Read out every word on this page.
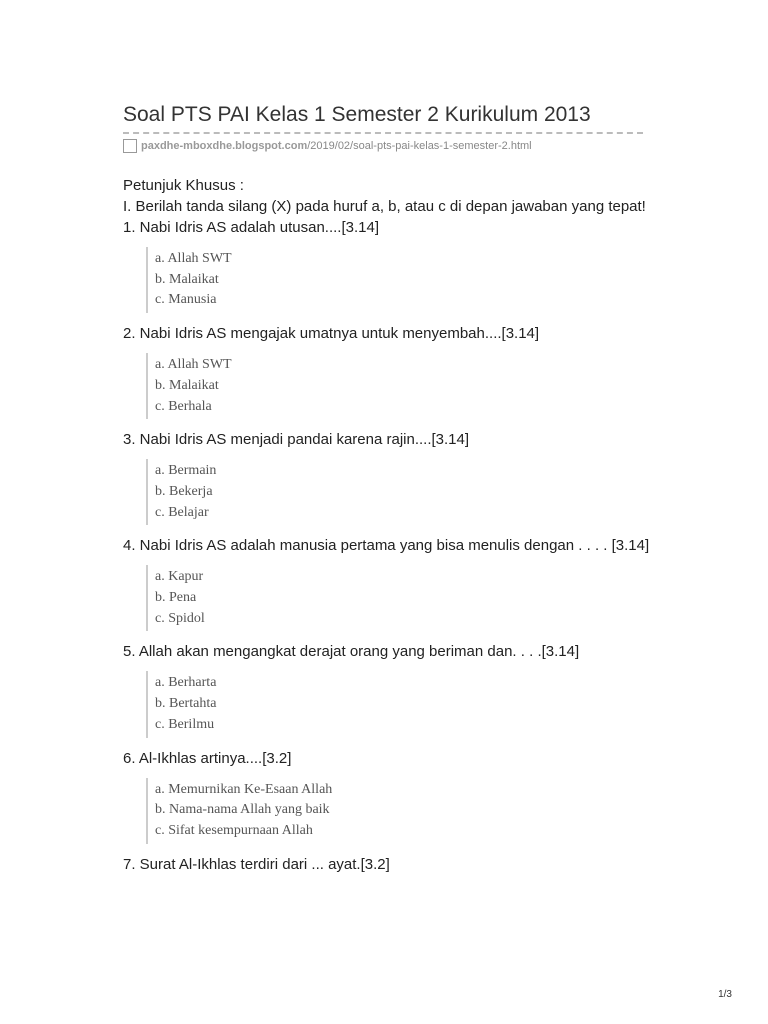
Soal PTS PAI Kelas 1 Semester 2 Kurikulum 2013
paxdhe-mboxdhe.blogspot.com /2019/02/soal-pts-pai-kelas-1-semester-2.html
Petunjuk Khusus :
I. Berilah tanda silang (X) pada huruf a, b, atau c di depan jawaban yang tepat!
1. Nabi Idris AS adalah utusan....[3.14]
a. Allah SWT
b. Malaikat
c. Manusia
2. Nabi Idris AS mengajak umatnya untuk menyembah....[3.14]
a. Allah SWT
b. Malaikat
c. Berhala
3. Nabi Idris AS menjadi pandai karena rajin....[3.14]
a. Bermain
b. Bekerja
c. Belajar
4. Nabi Idris AS adalah manusia pertama yang bisa menulis dengan . . . . [3.14]
a. Kapur
b. Pena
c. Spidol
5. Allah akan mengangkat derajat orang yang beriman dan. . . .[3.14]
a. Berharta
b. Bertahta
c. Berilmu
6. Al-Ikhlas artinya....[3.2]
a. Memurnikan Ke-Esaan Allah
b. Nama-nama Allah yang baik
c. Sifat kesempurnaan Allah
7. Surat Al-Ikhlas terdiri dari ... ayat.[3.2]
1/3
